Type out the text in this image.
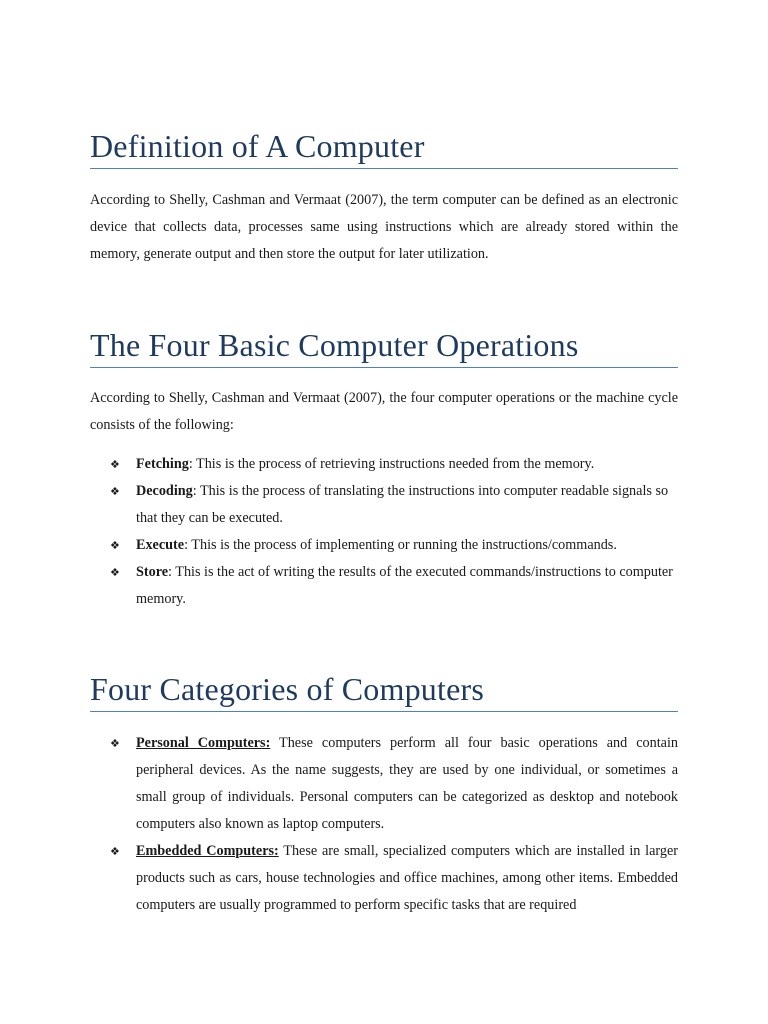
Definition of A Computer

According to Shelly, Cashman and Vermaat (2007), the term computer can be defined as an electronic device that collects data, processes same using instructions which are already stored within the memory, generate output and then store the output for later utilization.

The Four Basic Computer Operations

According to Shelly, Cashman and Vermaat (2007), the four computer operations or the machine cycle consists of the following:

❖ Fetching: This is the process of retrieving instructions needed from the memory.
❖ Decoding: This is the process of translating the instructions into computer readable signals so that they can be executed.
❖ Execute: This is the process of implementing or running the instructions/commands.
❖ Store: This is the act of writing the results of the executed commands/instructions to computer memory.
Four Categories of Computers
❖ Personal Computers: These computers perform all four basic operations and contain peripheral devices. As the name suggests, they are used by one individual, or sometimes a small group of individuals. Personal computers can be categorized as desktop and notebook computers also known as laptop computers.
❖ Embedded Computers: These are small, specialized computers which are installed in larger products such as cars, house technologies and office machines, among other items. Embedded computers are usually programmed to perform specific tasks that are required
